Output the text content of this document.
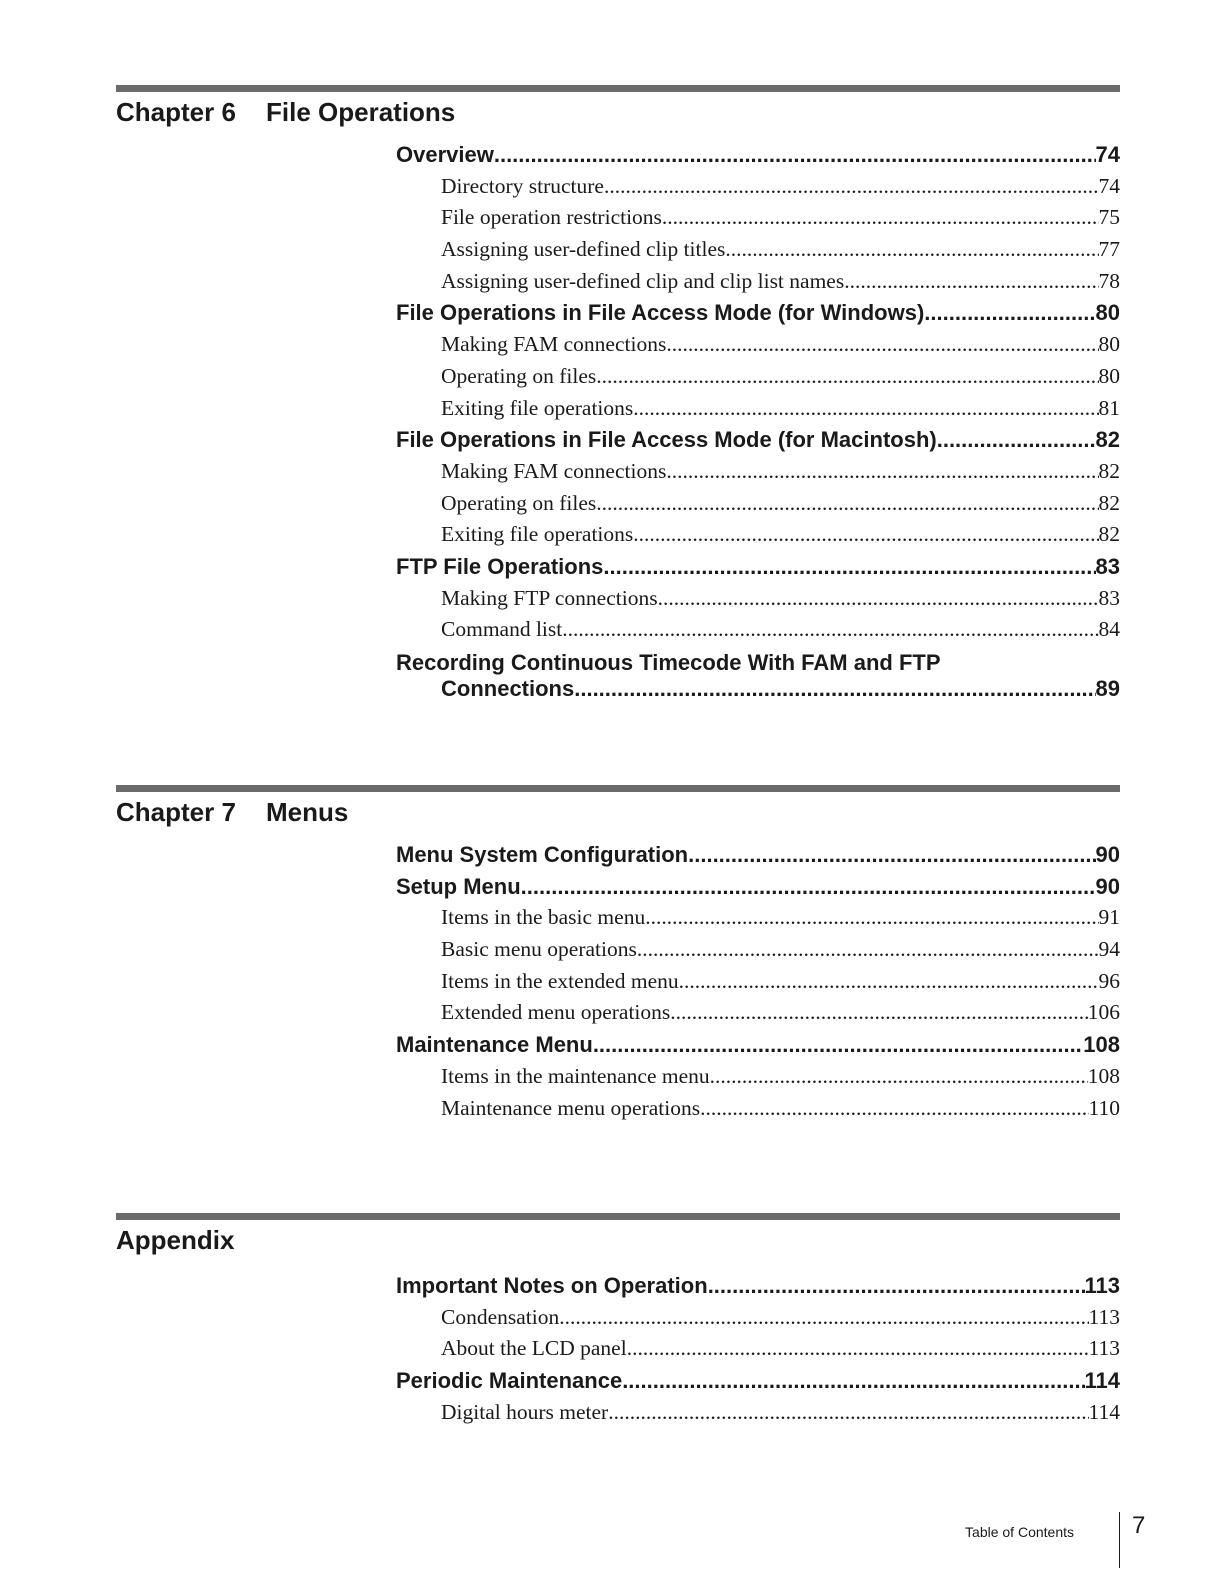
Chapter 6 File Operations
Overview .....	74
Directory structure .....	74
File operation restrictions .....	75
Assigning user-defined clip titles .....	77
Assigning user-defined clip and clip list names .....	78
File Operations in File Access Mode (for Windows) .....	80
Making FAM connections .....	80
Operating on files .....	80
Exiting file operations .....	81
File Operations in File Access Mode (for Macintosh) .....	82
Making FAM connections .....	82
Operating on files .....	82
Exiting file operations .....	82
FTP File Operations .....	83
Making FTP connections .....	83
Command list .....	84
Recording Continuous Timecode With FAM and FTP
Connections .....	89
Chapter 7 Menus
Menu System Configuration .....	90
Setup Menu .....	90
Items in the basic menu .....	91
Basic menu operations .....	94
Items in the extended menu .....	96
Extended menu operations .....	106
Maintenance Menu .....	108
Items in the maintenance menu .....	108
Maintenance menu operations .....	110
Appendix
Important Notes on Operation .....	113
Condensation .....	113
About the LCD panel .....	113
Periodic Maintenance .....	114
Digital hours meter .....	114
Table of Contents 7
